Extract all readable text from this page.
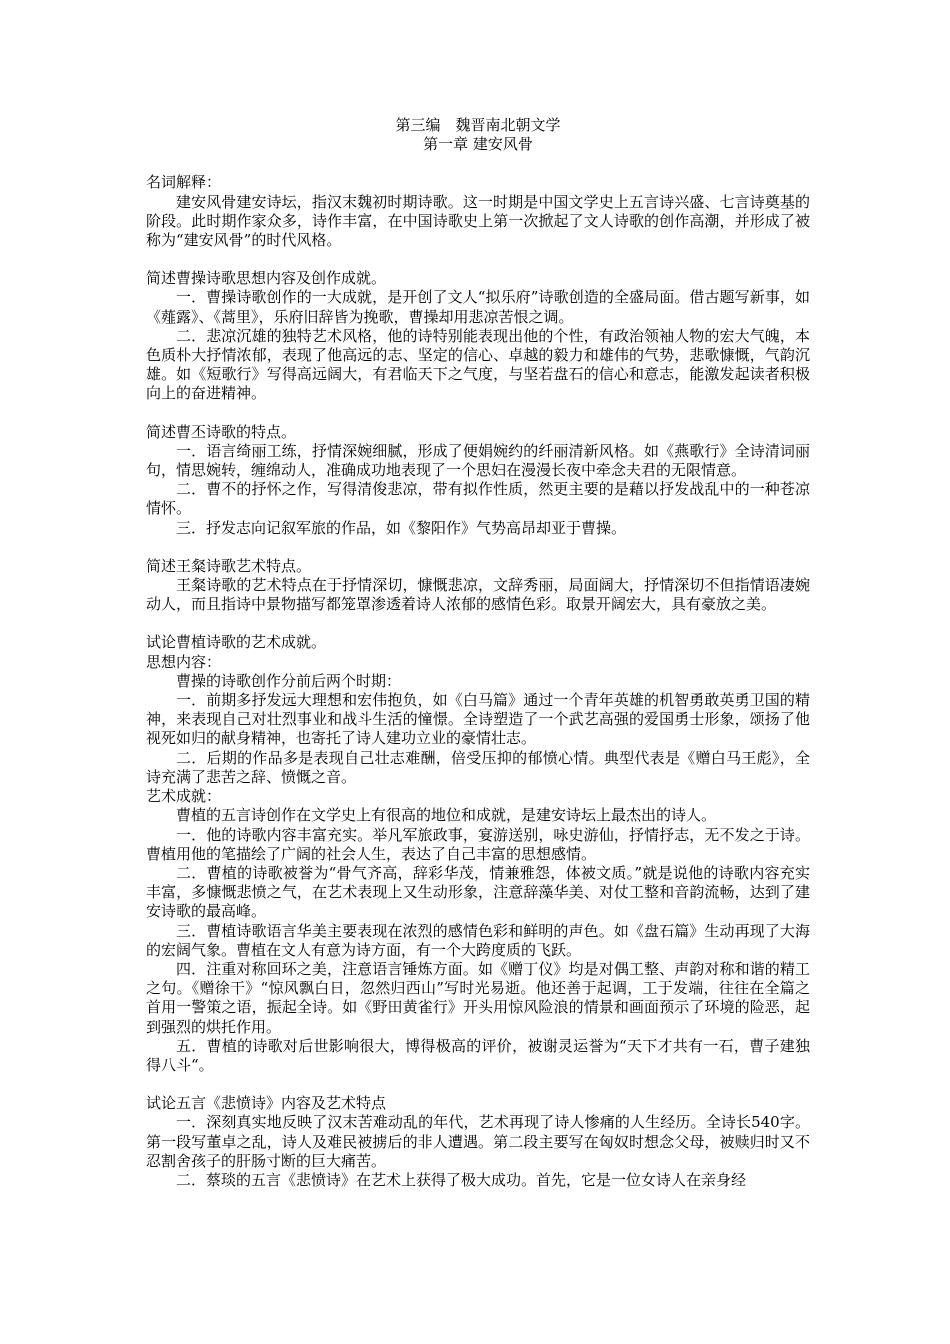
第三编　魏晋南北朝文学

第一章 建安风骨

名词解释：

建安风骨建安诗坛，指汉末魏初时期诗歌。这一时期是中国文学史上五言诗兴盛、七言诗奠基的阶段。此时期作家众多，诗作丰富，在中国诗歌史上第一次掀起了文人诗歌的创作高潮，并形成了被称为“建安风骨”的时代风格。

简述曹操诗歌思想内容及创作成就。

一．曹操诗歌创作的一大成就，是开创了文人“拟乐府”诗歌创造的全盛局面。借古题写新事，如《薤露》、《蒿里》，乐府旧辞皆为挽歌，曹操却用悲凉苦恨之调。

二．悲凉沉雄的独特艺术风格，他的诗特别能表现出他的个性，有政治领袖人物的宏大气魄，本色质朴大抒情浓郁，表现了他高远的志、坚定的信心、卓越的毅力和雄伟的气势，悲歌慷慨，气韵沉雄。如《短歌行》写得高远阔大，有君临天下之气度，与坚若盘石的信心和意志，能激发起读者积极向上的奋进精神。

简述曹丕诗歌的特点。

一．语言绮丽工练，抒情深婉细腻，形成了便娟婉约的纤丽清新风格。如《燕歌行》全诗清词丽句，情思婉转，缠绵动人，准确成功地表现了一个思妇在漫漫长夜中牵念夫君的无限情意。

二．曹不的抒怀之作，写得清俊悲凉，带有拟作性质，然更主要的是藉以抒发战乱中的一种苍凉情怀。

三．抒发志向记叙军旅的作品，如《黎阳作》气势高昂却亚于曹操。

简述王粲诗歌艺术特点。

王粲诗歌的艺术特点在于抒情深切，慷慨悲凉，文辞秀丽，局面阔大，抒情深切不但指情语凄婉动人，而且指诗中景物描写都笼罩渗透着诗人浓郁的感情色彩。取景开阔宏大，具有豪放之美。

试论曹植诗歌的艺术成就。

思想内容：

曹操的诗歌创作分前后两个时期：

一．前期多抒发远大理想和宏伟抱负，如《白马篇》通过一个青年英雄的机智勇敢英勇卫国的精神，来表现自己对壮烈事业和战斗生活的憧憬。全诗塑造了一个武艺高强的爱国勇士形象，颂扬了他视死如归的献身精神，也寄托了诗人建功立业的豪情壮志。

二．后期的作品多是表现自己壮志难酬，倍受压抑的郁愤心情。典型代表是《赠白马王彪》，全诗充满了悲苦之辞、愤慨之音。

艺术成就：

曹植的五言诗创作在文学史上有很高的地位和成就，是建安诗坛上最杰出的诗人。

一．他的诗歌内容丰富充实。举凡军旅政事，宴游送别，咏史游仙，抒情抒志，无不发之于诗。曹植用他的笔描绘了广阔的社会人生，表达了自己丰富的思想感情。

二．曹植的诗歌被誉为“骨气齐高，辞彩华茂，情兼雅怨，体被文质。”就是说他的诗歌内容充实丰富，多慷慨悲愤之气，在艺术表现上又生动形象，注意辞藻华美、对仗工整和音韵流畅，达到了建安诗歌的最高峰。

三．曹植诗歌语言华美主要表现在浓烈的感情色彩和鲜明的声色。如《盘石篇》生动再现了大海的宏阔气象。曹植在文人有意为诗方面，有一个大跨度质的飞跃。

四．注重对称回环之美，注意语言锤炼方面。如《赠丁仪》均是对偶工整、声韵对称和谐的精工之句。《赠徐干》“惊风飘白日，忽然归西山”写时光易逝。他还善于起调，工于发端，往往在全篇之首用一警策之语，振起全诗。如《野田黄雀行》开头用惊风险浪的情景和画面预示了环境的险恶，起到强烈的烘托作用。

五．曹植的诗歌对后世影响很大，博得极高的评价，被谢灵运誉为“天下才共有一石，曹子建独得八斗“。

试论五言《悲愤诗》内容及艺术特点

一．深刻真实地反映了汉末苦难动乱的年代，艺术再现了诗人惨痛的人生经历。全诗长540字。第一段写董卓之乱，诗人及难民被掳后的非人遭遇。第二段主要写在匈奴时想念父母，被赎归时又不忍割舍孩子的肝肠寸断的巨大痛苦。

二．蔡琰的五言《悲愤诗》在艺术上获得了极大成功。首先，它是一位女诗人在亲身经
